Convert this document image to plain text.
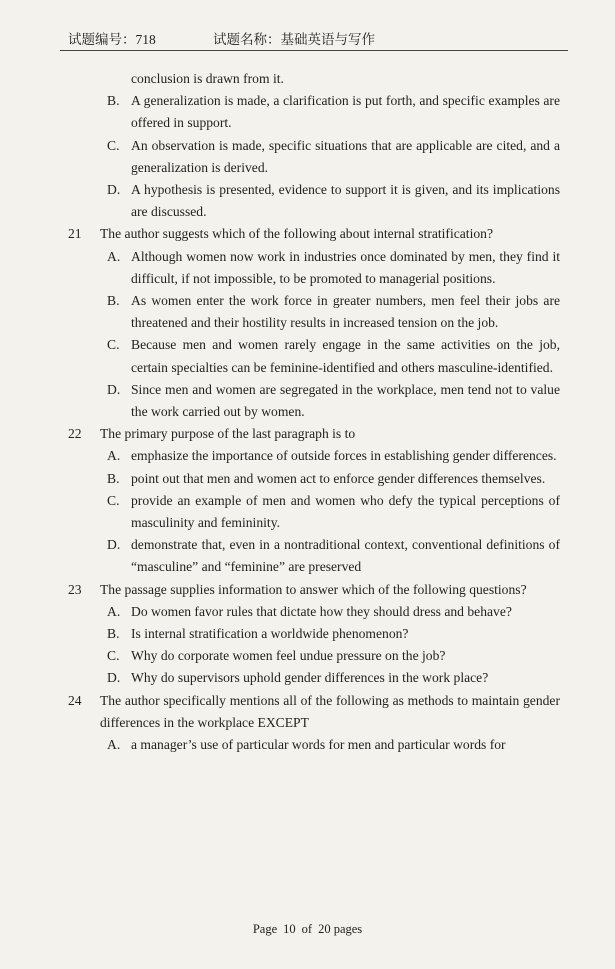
试题编号：718	试题名称：基础英语与写作
conclusion is drawn from it.
B. A generalization is made, a clarification is put forth, and specific examples are offered in support.
C. An observation is made, specific situations that are applicable are cited, and a generalization is derived.
D. A hypothesis is presented, evidence to support it is given, and its implications are discussed.
21 The author suggests which of the following about internal stratification?
A. Although women now work in industries once dominated by men, they find it difficult, if not impossible, to be promoted to managerial positions.
B. As women enter the work force in greater numbers, men feel their jobs are threatened and their hostility results in increased tension on the job.
C. Because men and women rarely engage in the same activities on the job, certain specialties can be feminine-identified and others masculine-identified.
D. Since men and women are segregated in the workplace, men tend not to value the work carried out by women.
22 The primary purpose of the last paragraph is to
A. emphasize the importance of outside forces in establishing gender differences.
B. point out that men and women act to enforce gender differences themselves.
C. provide an example of men and women who defy the typical perceptions of masculinity and femininity.
D. demonstrate that, even in a nontraditional context, conventional definitions of “masculine” and “feminine” are preserved
23 The passage supplies information to answer which of the following questions?
A. Do women favor rules that dictate how they should dress and behave?
B. Is internal stratification a worldwide phenomenon?
C. Why do corporate women feel undue pressure on the job?
D. Why do supervisors uphold gender differences in the work place?
24 The author specifically mentions all of the following as methods to maintain gender differences in the workplace EXCEPT
A. a manager’s use of particular words for men and particular words for
Page 10 of 20 pages
